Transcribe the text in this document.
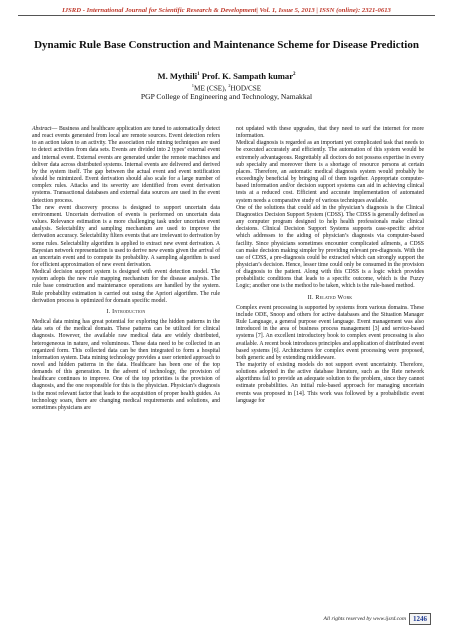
IJSRD - International Journal for Scientific Research & Development| Vol. 1, Issue 5, 2013 | ISSN (online): 2321-0613
Dynamic Rule Base Construction and Maintenance Scheme for Disease Prediction
M. Mythili$^1$ Prof. K. Sampath kumar$^2$
$^1$ME (CSE), $^2$HOD/CSE
PGP College of Engineering and Technology, Namakkal

Abstract— Business and healthcare application are tuned to automatically detect and react events generated from local are remote sources. Event detection refers to an action taken to an activity. The association rule mining techniques are used to detect activities from data sets. Events are divided into 2 types’ external event and internal event. External events are generated under the remote machines and deliver data across distributed systems. Internal events are delivered and derived by the system itself. The gap between the actual event and event notification should be minimized. Event derivation should also scale for a large number of complex rules. Attacks and its severity are identified from event derivation systems. Transactional databases and external data sources are used in the event detection process.

The new event discovery process is designed to support uncertain data environment. Uncertain derivation of events is performed on uncertain data values. Relevance estimation is a more challenging task under uncertain event analysis. Selectability and sampling mechanism are used to improve the derivation accuracy. Selectability filters events that are irrelevant to derivation by some rules. Selectability algorithm is applied to extract new event derivation. A Bayesian network representation is used to derive new events given the arrival of an uncertain event and to compute its probability. A sampling algorithm is used for efficient approximation of new event derivation.

Medical decision support system is designed with event detection model. The system adopts the new rule mapping mechanism for the disease analysis. The rule base construction and maintenance operations are handled by the system. Rule probability estimation is carried out using the Apriori algorithm. The rule derivation process is optimized for domain specific model.

I. Introduction

Medical data mining has great potential for exploring the hidden patterns in the data sets of the medical domain. These patterns can be utilized for clinical diagnosis. However, the available raw medical data are widely distributed, heterogeneous in nature, and voluminous. These data need to be collected in an organized form. This collected data can be then integrated to form a hospital information system. Data mining technology provides a user oriented approach to novel and hidden patterns in the data. Healthcare has been one of the top demands of this generation. In the advent of technology, the provision of healthcare continues to improve. One of the top priorities is the provision of diagnosis, and the one responsible for this is the physician. Physician’s diagnosis is the most relevant factor that leads to the acquisition of proper health guides. As technology soars, there are changing medical requirements and solutions, and sometimes physicians are

not updated with these upgrades, that they need to surf the internet for more information.

Medical diagnosis is regarded as an important yet complicated task that needs to be executed accurately and efficiently. The automation of this system would be extremely advantageous. Regrettably all doctors do not possess expertise in every sub specialty and moreover there is a shortage of resource persons at certain places. Therefore, an automatic medical diagnosis system would probably be exceedingly beneficial by bringing all of them together. Appropriate computer-based information and/or decision support systems can aid in achieving clinical tests at a reduced cost. Efficient and accurate implementation of automated system needs a comparative study of various techniques available.

One of the solutions that could aid in the physician’s diagnosis is the Clinical Diagnostics Decision Support System (CDSS). The CDSS is generally defined as any computer program designed to help health professionals make clinical decisions. Clinical Decision Support Systems supports case-specific advice which addresses to the aiding of physician’s diagnosis via computer-based facility. Since physicians sometimes encounter complicated ailments, a CDSS can make decision making simpler by providing relevant pre-diagnosis. With the use of CDSS, a pre-diagnosis could be extracted which can strongly support the physician’s decision. Hence, lesser time could only be consumed in the provision of diagnosis to the patient. Along with this CDSS is a logic which provides probabilistic conditions that leads to a specific outcome, which is the Fuzzy Logic; another one is the method to be taken, which is the rule-based method.

II. Related Work

Complex event processing is supported by systems from various domains. These include ODE, Snoop and others for active databases and the Situation Manager Rule Language, a general purpose event language. Event management was also introduced in the area of business process management [3] and service-based systems [7]. An excellent introductory book to complex event processing is also available. A recent book introduces principles and application of distributed event based systems [6]. Architectures for complex event processing were proposed, both generic and by extending middleware.

The majority of existing models do not support event uncertainty. Therefore, solutions adopted in the active database literature, such as the Rete network algorithms fail to provide an adequate solution to the problem, since they cannot estimate probabilities. An initial rule-based approach for managing uncertain events was proposed in [14]. This work was followed by a probabilistic event language for

All rights reserved by www.ijsrd.com	1246
